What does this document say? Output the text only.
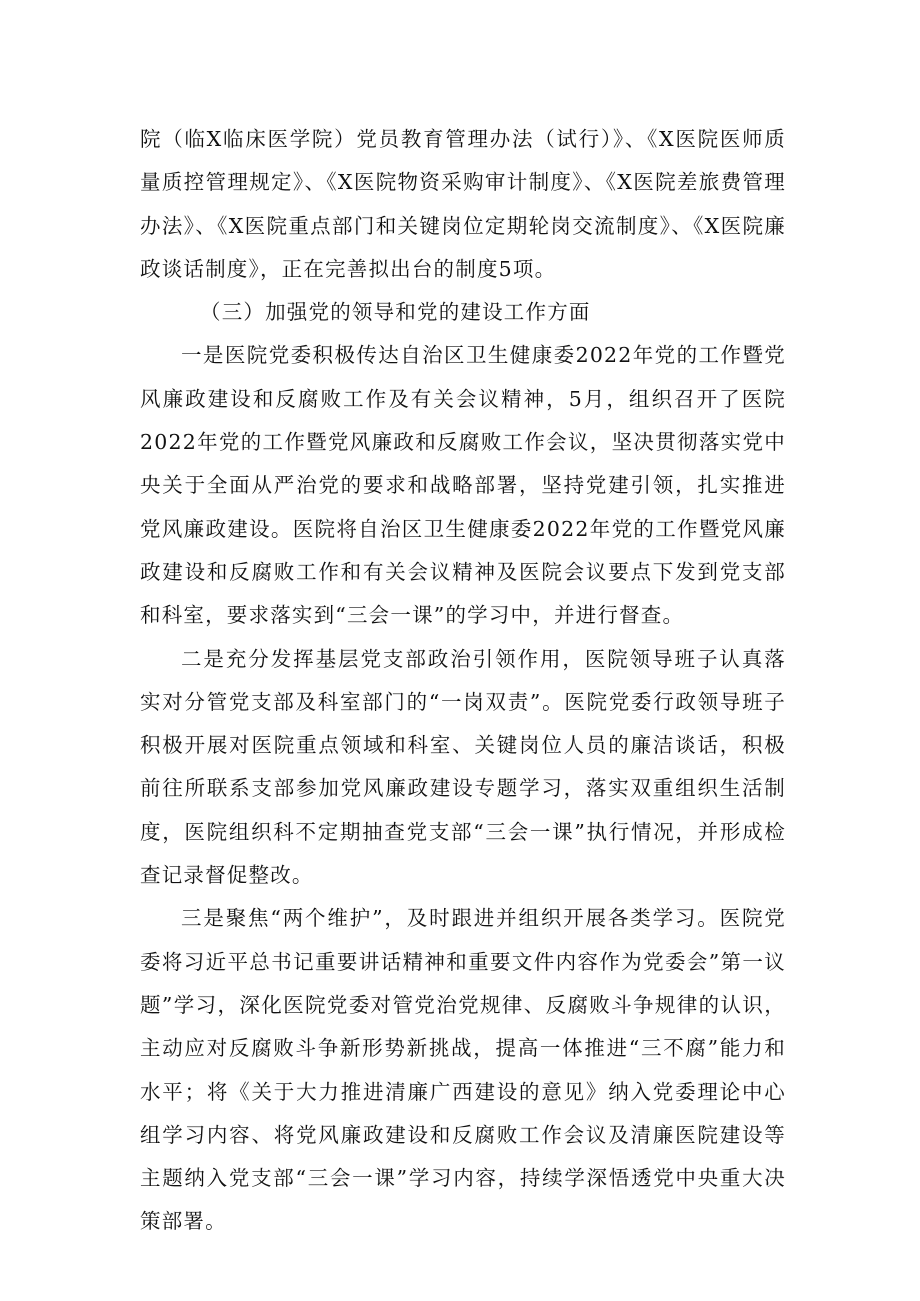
院（临X临床医学院）党员教育管理办法（试行）》、《X医院医师质量质控管理规定》、《X医院物资采购审计制度》、《X医院差旅费管理办法》、《X医院重点部门和关键岗位定期轮岗交流制度》、《X医院廉政谈话制度》，正在完善拟出台的制度5项。

（三）加强党的领导和党的建设工作方面

一是医院党委积极传达自治区卫生健康委2022年党的工作暨党风廉政建设和反腐败工作及有关会议精神，5月，组织召开了医院2022年党的工作暨党风廉政和反腐败工作会议，坚决贯彻落实党中央关于全面从严治党的要求和战略部署，坚持党建引领，扎实推进党风廉政建设。医院将自治区卫生健康委2022年党的工作暨党风廉政建设和反腐败工作和有关会议精神及医院会议要点下发到党支部和科室，要求落实到“三会一课”的学习中，并进行督查。

二是充分发挥基层党支部政治引领作用，医院领导班子认真落实对分管党支部及科室部门的“一岗双责”。医院党委行政领导班子积极开展对医院重点领域和科室、关键岗位人员的廉洁谈话，积极前往所联系支部参加党风廉政建设专题学习，落实双重组织生活制度，医院组织科不定期抽查党支部“三会一课”执行情况，并形成检查记录督促整改。

三是聚焦“两个维护”，及时跟进并组织开展各类学习。医院党委将习近平总书记重要讲话精神和重要文件内容作为党委会”第一议题”学习，深化医院党委对管党治党规律、反腐败斗争规律的认识，主动应对反腐败斗争新形势新挑战，提高一体推进“三不腐”能力和水平；将《关于大力推进清廉广西建设的意见》纳入党委理论中心组学习内容、将党风廉政建设和反腐败工作会议及清廉医院建设等主题纳入党支部“三会一课”学习内容，持续学深悟透党中央重大决策部署。
